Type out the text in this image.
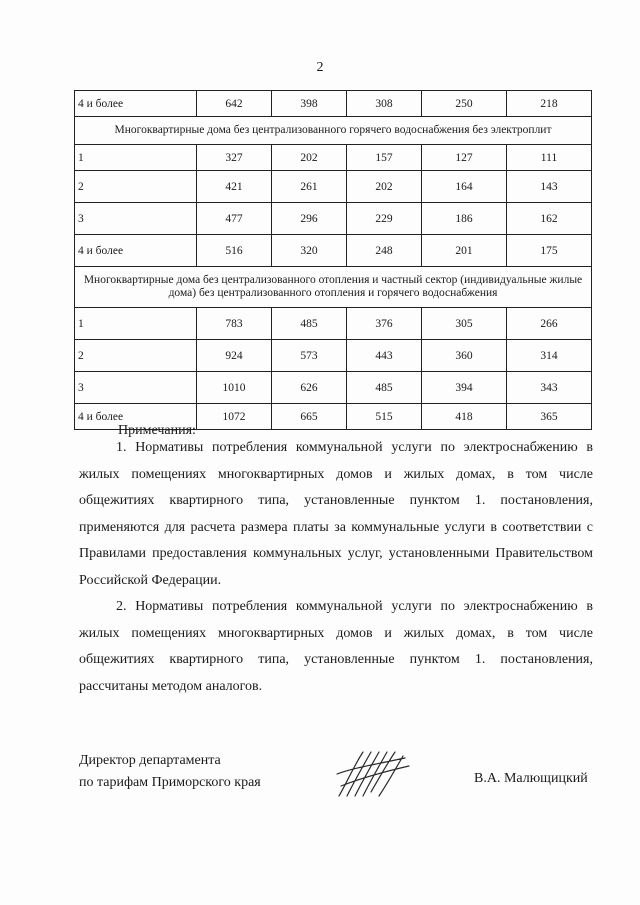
2
4 и более	642	398	308	250	218
Многоквартирные дома без централизованного горячего водоснабжения без электроплит					
1	327	202	157	127	111
2	421	261	202	164	143
3	477	296	229	186	162
4 и более	516	320	248	201	175
Многоквартирные дома без централизованного отопления и частный сектор (индивидуальные жилые дома) без централизованного отопления и горячего водоснабжения					
1	783	485	376	305	266
2	924	573	443	360	314
3	1010	626	485	394	343
4 и более	1072	665	515	418	365
Примечания:

1. Нормативы потребления коммунальной услуги по электроснабжению в жилых помещениях многоквартирных домов и жилых домах, в том числе общежитиях квартирного типа, установленные пунктом 1. постановления, применяются для расчета размера платы за коммунальные услуги в соответствии с Правилами предоставления коммунальных услуг, установленными Правительством Российской Федерации.

2. Нормативы потребления коммунальной услуги по электроснабжению в жилых помещениях многоквартирных домов и жилых домах, в том числе общежитиях квартирного типа, установленные пунктом 1. постановления, рассчитаны методом аналогов.

Директор департамента
по тарифам Приморского края	В.А. Малющицкий
